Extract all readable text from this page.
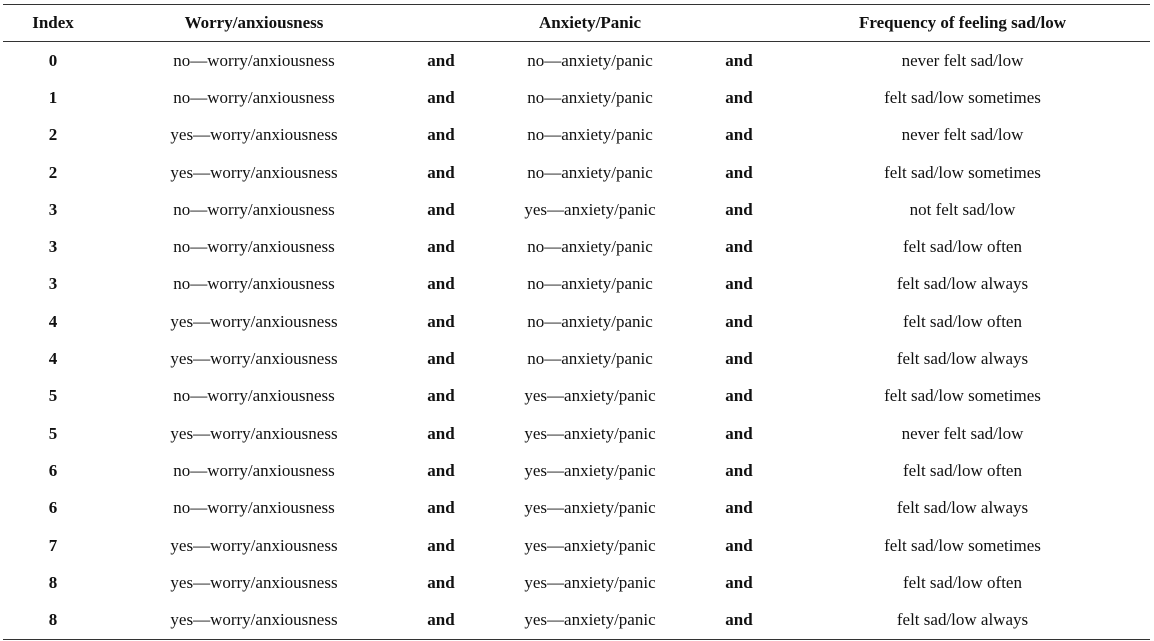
Index	Worry/anxiousness		Anxiety/Panic		Frequency of feeling sad/low
0	no—worry/anxiousness	and	no—anxiety/panic	and	never felt sad/low
1	no—worry/anxiousness	and	no—anxiety/panic	and	felt sad/low sometimes
2	yes—worry/anxiousness	and	no—anxiety/panic	and	never felt sad/low
2	yes—worry/anxiousness	and	no—anxiety/panic	and	felt sad/low sometimes
3	no—worry/anxiousness	and	yes—anxiety/panic	and	not felt sad/low
3	no—worry/anxiousness	and	no—anxiety/panic	and	felt sad/low often
3	no—worry/anxiousness	and	no—anxiety/panic	and	felt sad/low always
4	yes—worry/anxiousness	and	no—anxiety/panic	and	felt sad/low often
4	yes—worry/anxiousness	and	no—anxiety/panic	and	felt sad/low always
5	no—worry/anxiousness	and	yes—anxiety/panic	and	felt sad/low sometimes
5	yes—worry/anxiousness	and	yes—anxiety/panic	and	never felt sad/low
6	no—worry/anxiousness	and	yes—anxiety/panic	and	felt sad/low often
6	no—worry/anxiousness	and	yes—anxiety/panic	and	felt sad/low always
7	yes—worry/anxiousness	and	yes—anxiety/panic	and	felt sad/low sometimes
8	yes—worry/anxiousness	and	yes—anxiety/panic	and	felt sad/low often
8	yes—worry/anxiousness	and	yes—anxiety/panic	and	felt sad/low always
